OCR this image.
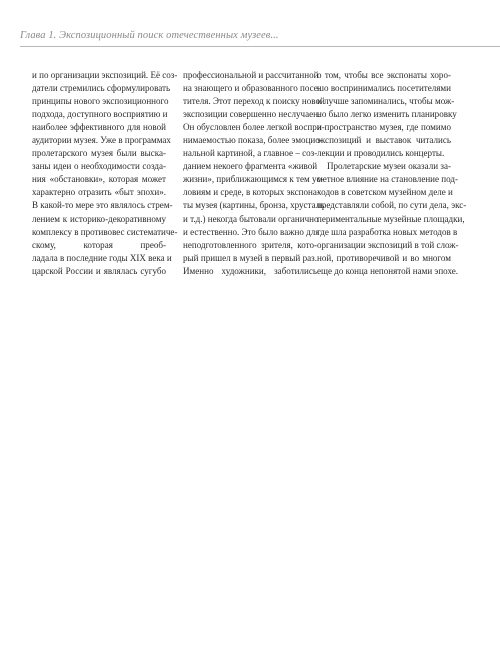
Глава 1. Экспозиционный поиск отечественных музеев...
и по организации экспозиций. Её соз-
датели стремились сформулировать
принципы нового экспозиционного
подхода, доступного восприятию и
наиболее эффективного для новой
аудитории музея. Уже в программах
пролетарского музея были выска-
заны идеи о необходимости созда-
ния «обстановки», которая может
характерно отразить «быт эпохи».
В какой-то мере это являлось стрем-
лением к историко-декоративному
комплексу в противовес систематиче-
скому, которая преоб-
ладала в последние годы XIX века и
царской России и являлась сугубо
профессиональной и рассчитанной
на знающего и образованного посе-
тителя. Этот переход к поиску новой
экспозиции совершенно неслучаен.
Он обусловлен более легкой воспри-
нимаемостью показа, более эмоцио-
нальной картиной, а главное – соз-
данием некоего фрагмента «живой
жизни», приближающимся к тем ус-
ловиям и среде, в которых экспона-
ты музея (картины, бронза, хрусталь
и т.д.) некогда бытовали органично
и естественно. Это было важно для
неподготовленного зрителя, кото-
рый пришел в музей в первый раз.
Именно художники, заботились
о том, чтобы все экспонаты хоро-
шо воспринимались посетителями
и лучше запоминались, чтобы мож-
но было легко изменить планировку
и пространство музея, где помимо
экспозиций и выставок читались
лекции и проводились концерты.
Пролетарские музеи оказали за-
метное влияние на становление под-
ходов в советском музейном деле и
представляли собой, по сути дела, экс-
периментальные музейные площадки,
где шла разработка новых методов в
организации экспозиций в той слож-
ной, противоречивой и во многом
еще до конца непонятой нами эпохе.
